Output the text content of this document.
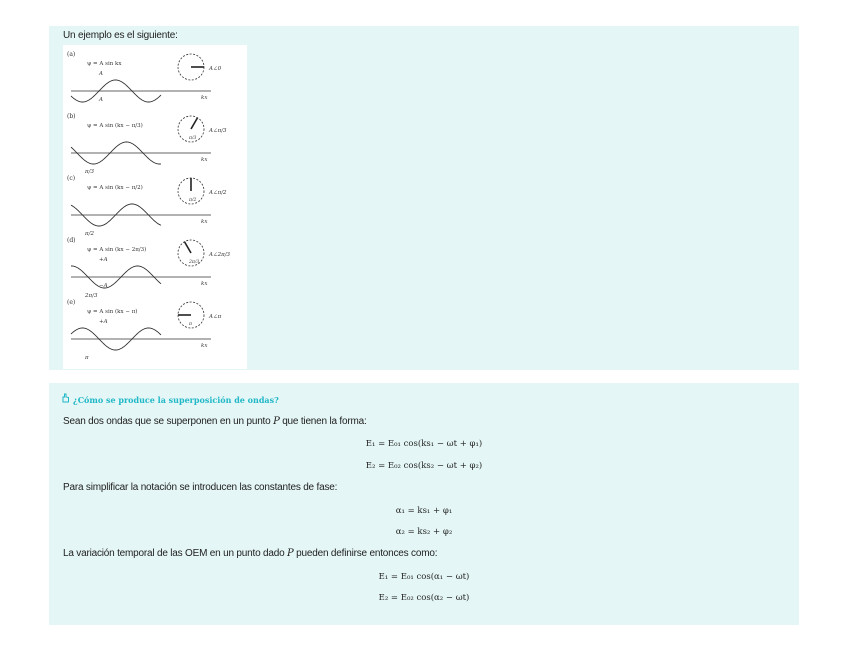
Un ejemplo es el siguiente:
(a)
ψ = A sin kx
kx
A∠0
A
A
(b)
ψ = A sin (kx − π/3)
kx
A∠π/3
π/3
π/3
(c)
ψ = A sin (kx − π/2)
kx
A∠π/2
π/2
π/2
(d)
ψ = A sin (kx − 2π/3)
kx
A∠2π/3
2π/3
2π/3
+A
−A
(e)
ψ = A sin (kx − π)
kx
A∠π
π
π
+A
¿Cómo se produce la superposición de ondas?
Sean dos ondas que se superponen en un punto P que tienen la forma:
E₁ = E₀₁ cos(ks₁ − ωt + φ₁)
E₂ = E₀₂ cos(ks₂ − ωt + φ₂)
Para simplificar la notación se introducen las constantes de fase:
α₁ = ks₁ + φ₁
α₂ = ks₂ + φ₂
La variación temporal de las OEM en un punto dado P pueden definirse entonces como:
E₁ = E₀₁ cos(α₁ − ωt)
E₂ = E₀₂ cos(α₂ − ωt)
